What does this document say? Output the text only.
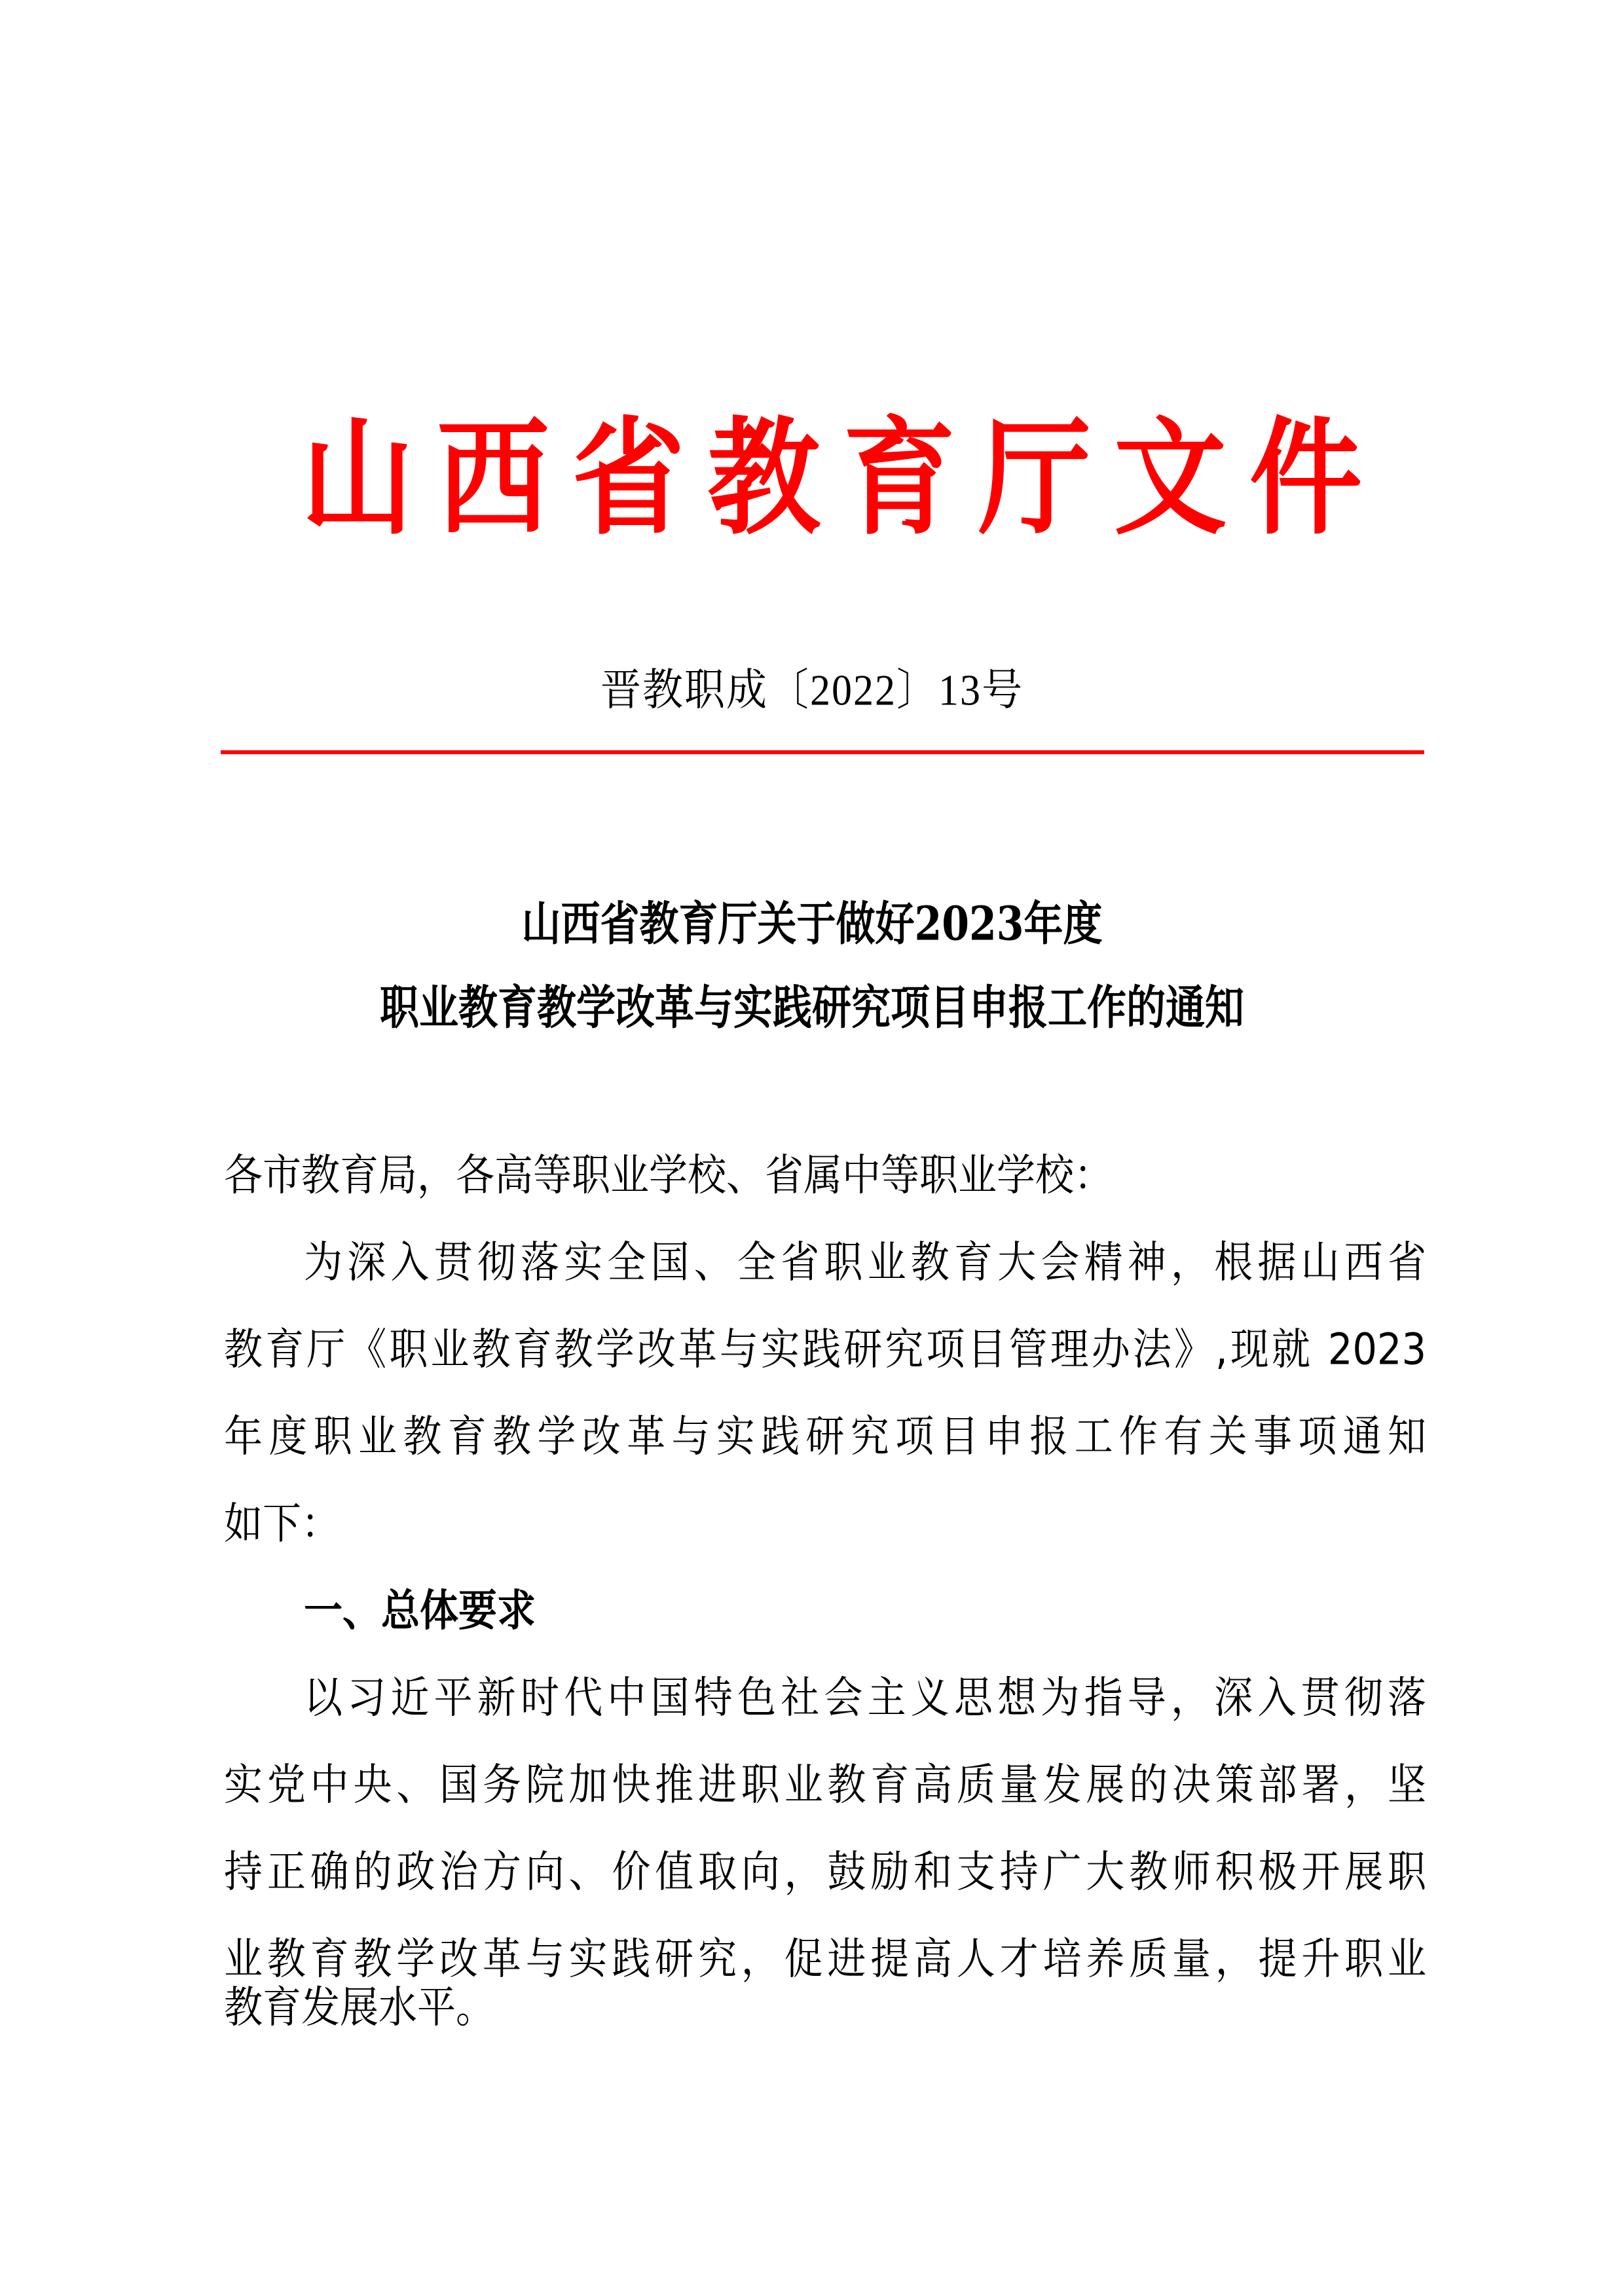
山 西 省 教 育 厅 文 件
晋教职成〔2022〕13号
山西省教育厅关于做好2023年度
职业教育教学改革与实践研究项目申报工作的通知
各市教育局，各高等职业学校、省属中等职业学校：
为深入贯彻落实全国、全省职业教育大会精神，根据山西省
教育厅《职业教育教学改革与实践研究项目管理办法》,现就 2023
年度职业教育教学改革与实践研究项目申报工作有关事项通知
如下：
一、总体要求
以习近平新时代中国特色社会主义思想为指导，深入贯彻落
实党中央、国务院加快推进职业教育高质量发展的决策部署，坚
持正确的政治方向、价值取向，鼓励和支持广大教师积极开展职
业教育教学改革与实践研究，促进提高人才培养质量，提升职业
教育发展水平。
